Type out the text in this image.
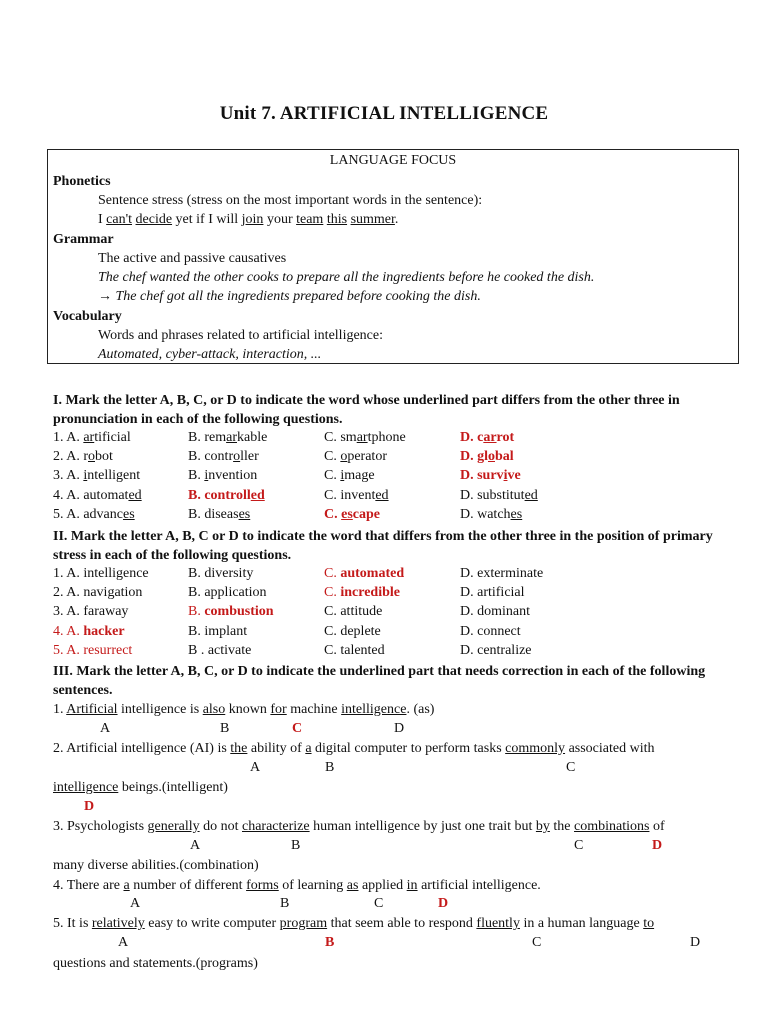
Unit 7. ARTIFICIAL INTELLIGENCE
LANGUAGE FOCUS
Phonetics
Sentence stress (stress on the most important words in the sentence):
I can't decide yet if I will join your team this summer.
Grammar
The active and passive causatives
The chef wanted the other cooks to prepare all the ingredients before he cooked the dish.
→ The chef got all the ingredients prepared before cooking the dish.
Vocabulary
Words and phrases related to artificial intelligence:
Automated, cyber-attack, interaction, ...
I. Mark the letter A, B, C, or D to indicate the word whose underlined part differs from the other three in pronunciation in each of the following questions.
1. A. artificial	B. remarkable	C. smartphone	D. carrot
2. A. robot	B. controller	C. operator	D. global
3. A. intelligent	B. invention	C. image	D. survive
4. A. automated	B. controlled	C. invented	D. substituted
5. A. advances	B. diseases	C. escape	D. watches
II. Mark the letter A, B, C or D to indicate the word that differs from the other three in the position of primary stress in each of the following questions.
1. A. intelligence	B. diversity	C. automated	D. exterminate
2. A. navigation	B. application	C. incredible	D. artificial
3. A. faraway	B. combustion	C. attitude	D. dominant
4. A. hacker	B. implant	C. deplete	D. connect
5. A. resurrect	B . activate	C. talented	D. centralize
III. Mark the letter A, B, C, or D to indicate the underlined part that needs correction in each of the following sentences.
1. Artificial intelligence is also known for machine intelligence. (as)
A	B	C	D
2. Artificial intelligence (AI) is the ability of a digital computer to perform tasks commonly associated with
A	B	C
intelligence beings.(intelligent)
D
3. Psychologists generally do not characterize human intelligence by just one trait but by the combinations of
A	B	C	D
many diverse abilities.(combination)
4. There are a number of different forms of learning as applied in artificial intelligence.
A	B	C	D
5. It is relatively easy to write computer program that seem able to respond fluently in a human language to
A	B	C	D
questions and statements.(programs)
